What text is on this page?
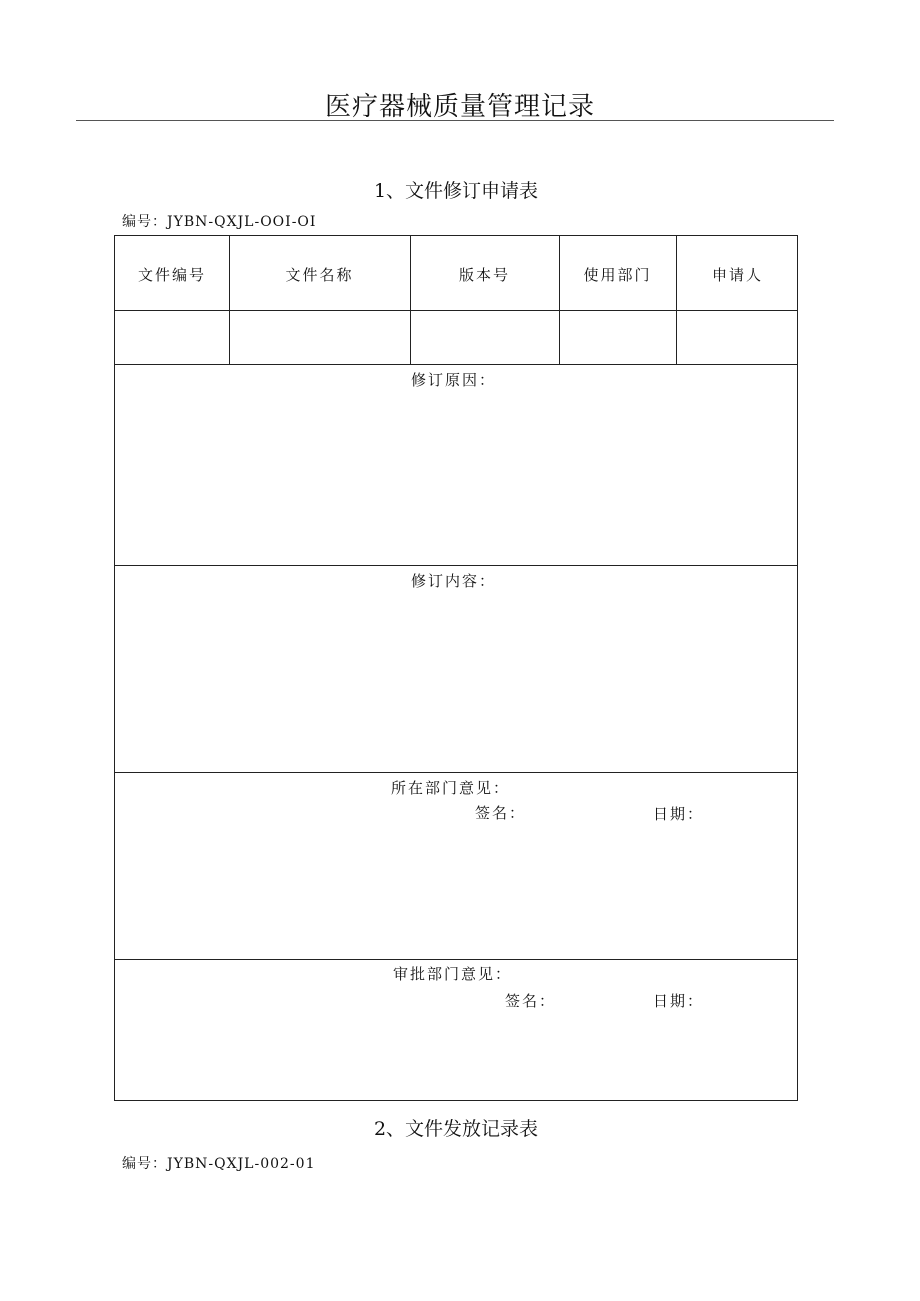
医疗器械质量管理记录
1、文件修订申请表
编号：JYBN-QXJL-OOI-OI
文件编号	文件名称	版本号	使用部门	申请人
修订原因：
修订内容：
所在部门意见：
签名：	日期：
审批部门意见：
签名：	日期：
2、文件发放记录表
编号：JYBN-QXJL-002-01
